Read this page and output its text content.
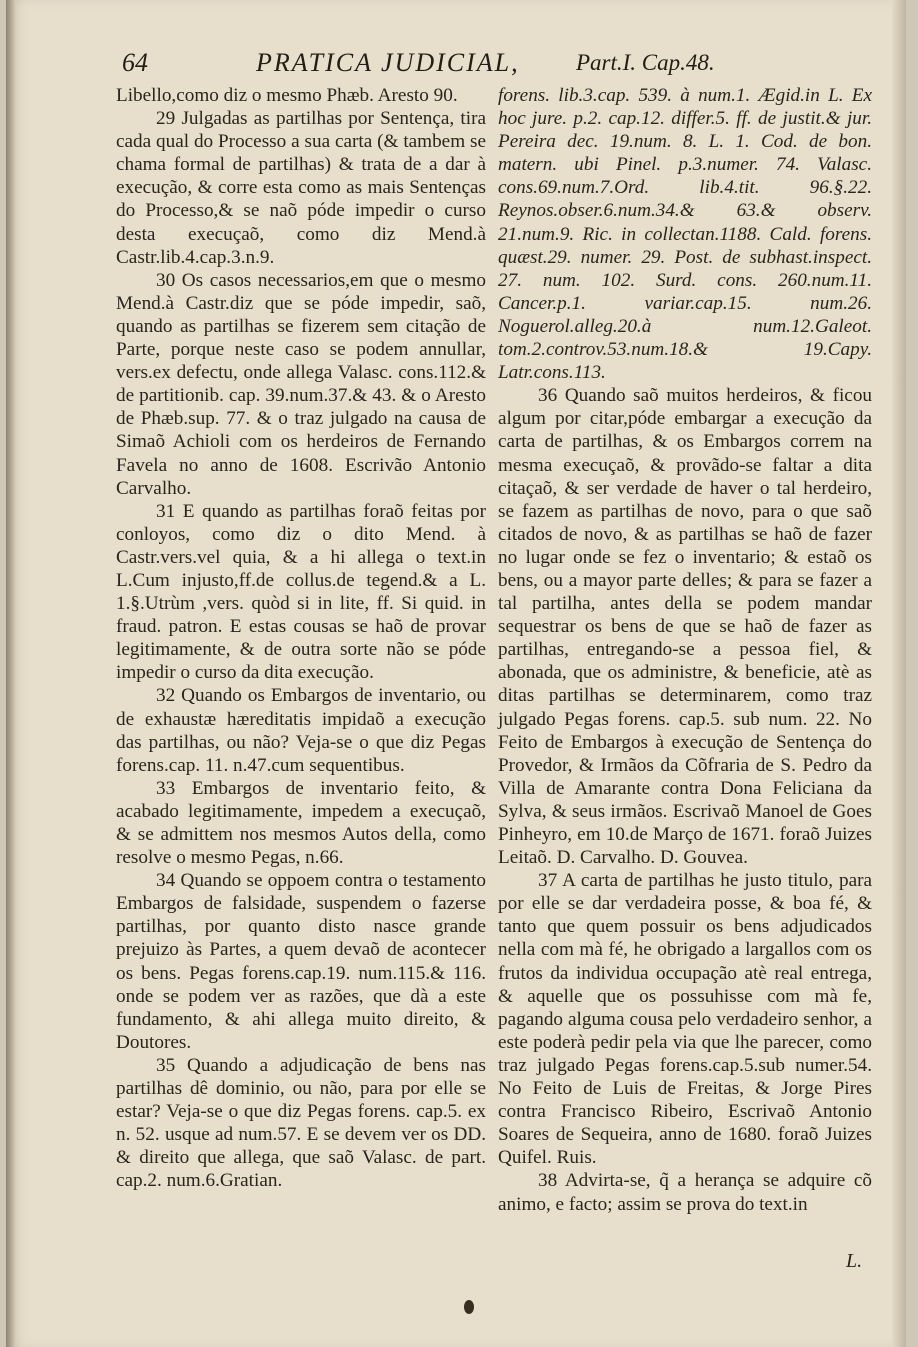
64	PRATICA JUDICIAL, Part.I. Cap.48.

Libello,como diz o mesmo Phæb. Aresto 90.

29 Julgadas as partilhas por Sentença, tira cada qual do Processo a sua carta (& tambem se chama formal de partilhas) & trata de a dar à execução, & corre esta como as mais Sentenças do Processo,& se naõ póde impedir o curso desta execuçaõ, como diz Mend.à Castr.lib.4.cap.3.n.9.

30 Os casos necessarios,em que o mesmo Mend.à Castr.diz que se póde impedir, saõ, quando as partilhas se fizerem sem citação de Parte, porque neste caso se podem annullar, vers.ex defectu, onde allega Valasc. cons.112.& de partitionib. cap. 39.num.37.& 43. & o Aresto de Phæb.sup. 77. & o traz julgado na causa de Simaõ Achioli com os herdeiros de Fernando Favela no anno de 1608. Escrivão Antonio Carvalho.

31 E quando as partilhas foraõ feitas por conloyos, como diz o dito Mend. à Castr.vers.vel quia, & a hi allega o text.in L.Cum injusto,ff.de collus.de tegend.& a L. 1.§.Utrùm ,vers. quòd si in lite, ff. Si quid. in fraud. patron. E estas cousas se haõ de provar legitimamente, & de outra sorte não se póde impedir o curso da dita execução.

32 Quando os Embargos de inventario, ou de exhaustæ hæreditatis impidaõ a execução das partilhas, ou não? Veja-se o que diz Pegas forens.cap. 11. n.47.cum sequentibus.

33 Embargos de inventario feito, & acabado legitimamente, impedem a execuçaõ, & se admittem nos mesmos Autos della, como resolve o mesmo Pegas, n.66.

34 Quando se oppoem contra o testamento Embargos de falsidade, suspendem o fazerse partilhas, por quanto disto nasce grande prejuizo às Partes, a quem devaõ de acontecer os bens. Pegas forens.cap.19. num.115.& 116. onde se podem ver as razões, que dà a este fundamento, & ahi allega muito direito, & Doutores.

35 Quando a adjudicação de bens nas partilhas dê dominio, ou não, para por elle se estar? Veja-se o que diz Pegas forens. cap.5. ex n. 52. usque ad num.57. E se devem ver os DD. & direito que allega, que saõ Valasc. de part. cap.2. num.6.Gratian.

forens. lib.3.cap. 539. à num.1. Ægid.in L. Ex hoc jure. p.2. cap.12. differ.5. ff. de justit.& jur. Pereira dec. 19.num. 8. L. 1. Cod. de bon. matern. ubi Pinel. p.3.numer. 74. Valasc. cons.69.num.7.Ord. lib.4.tit. 96.§.22. Reynos.obser.6.num.34.& 63.& observ. 21.num.9. Ric. in collectan.1188. Cald. forens. quæst.29. numer. 29. Post. de subhast.inspect. 27. num. 102. Surd. cons. 260.num.11. Cancer.p.1. variar.cap.15. num.26. Noguerol.alleg.20.à num.12.Galeot. tom.2.controv.53.num.18.& 19.Capy. Latr.cons.113.

36 Quando saõ muitos herdeiros, & ficou algum por citar,póde embargar a execução da carta de partilhas, & os Embargos correm na mesma execuçaõ, & provãdo-se faltar a dita citaçaõ, & ser verdade de haver o tal herdeiro, se fazem as partilhas de novo, para o que saõ citados de novo, & as partilhas se haõ de fazer no lugar onde se fez o inventario; & estaõ os bens, ou a mayor parte delles; & para se fazer a tal partilha, antes della se podem mandar sequestrar os bens de que se haõ de fazer as partilhas, entregando-se a pessoa fiel, & abonada, que os administre, & beneficie, atè as ditas partilhas se determinarem, como traz julgado Pegas forens. cap.5. sub num. 22. No Feito de Embargos à execução de Sentença do Provedor, & Irmãos da Cõfraria de S. Pedro da Villa de Amarante contra Dona Feliciana da Sylva, & seus irmãos. Escrivaõ Manoel de Goes Pinheyro, em 10.de Março de 1671. foraõ Juizes Leitaõ. D. Carvalho. D. Gouvea.

37 A carta de partilhas he justo titulo, para por elle se dar verdadeira posse, & boa fé, & tanto que quem possuir os bens adjudicados nella com mà fé, he obrigado a largallos com os frutos da individua occupação atè real entrega, & aquelle que os possuhisse com mà fe, pagando alguma cousa pelo verdadeiro senhor, a este poderà pedir pela via que lhe parecer, como traz julgado Pegas forens.cap.5.sub numer.54. No Feito de Luis de Freitas, & Jorge Pires contra Francisco Ribeiro, Escrivaõ Antonio Soares de Sequeira, anno de 1680. foraõ Juizes Quifel. Ruis.

38 Advirta-se, q̃ a herança se adquire cõ animo, e facto; assim se prova do text.in

L.
